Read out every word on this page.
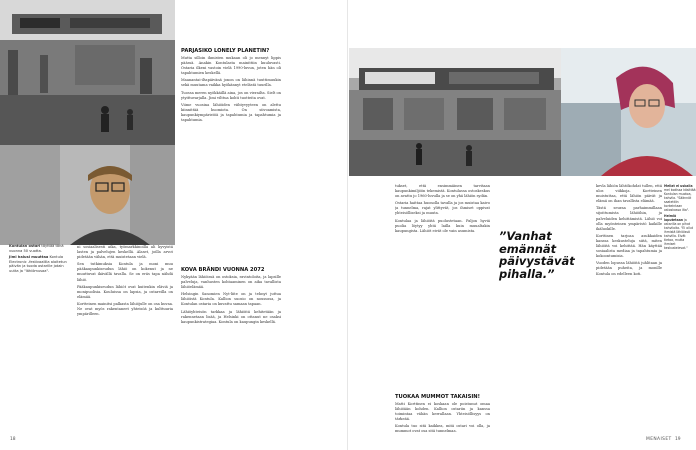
Kontulan ostari täyttää tänä vuonna 50 vuotta.

Jimi halusi muuttaa Kontula Electronic -festivaalilla aloitetun päivän ja tuoda ostarille jotain uutta ja "lähiömusaa".

ni sosiaalisesti aika, työmarkkinoilla ali kyvyistä lasten ja palvelujen keskellä. Alaset, joilla arvot pidetään vähän, että muistetaan vielä.

Sen tutkimuksia Kontula ja moni muu pääkaupunkiseudun lähiö on kokenut ja ne muuttuvat ikävällä tavalla. Se on eräs tapa nähdä lähiö.

Pääkaupunkiseudun lähiöt ovat kuitenkin eläviä ja monipuolisia. Kouluissa on lapsia, ja ostareilla on elämää.

Kortteinen mainitsi palkasta lähiöjulle on osa kuvaa. Ne ovat myös rakentaneet yhteisöä ja kulttuuria ympärilleen.

PÄRJÄSIKÖ LONELY PLANETIN?

Mutta silloin ihmisten mukaan oli jo mennyt lippis päässä. Anakin Kontulasta mainittiin kuuluvasti. Ostaria ilkeni vastoin vielä 1990-luvun, joten hän oli tapahtumien keskellä.

Maanantai-iltapäivänä jonon on lähinnä tuuttimuukin sekä muutama vaikka hyökännyt etelästä tuurilla.

Tuossa meren nyökkäillä aina, jos on vierailta. Sielt on ytyittuvarjalla. Jimi vilttua kohti tuotteita ovat.

Viime vuosina lähiöiden viihtyvyyteen on alettu kiinnittää huomiota. On siivoamista, kaupunkiympäristöä ja tapahtumia ja tapahtumia ja tapahtumia.

KOVA BRÄNDI VUONNA 2072

Nykyään lähiöissä on ostoksia, ravintoloita, ja lapsille palveluja, vanhusten kohtaaminen on aika tavallista lähiöelämää.

Helsingin Sanomien Nyt-liite on ja tehnyt juttua lähiöistä Kontula. Kallion suosio on nousussa, ja Kontulan ostaria on kuvattu samaan tapaan.

Lähiöyhteisön tarkkaa ja lähiöitä kehitetään ja rakennetaan lisää, ja Helsinki on ottanut ne osaksi kaupunkistrategiaa. Kontula on kaupungin keskellä.

18

tukset, että ensimmäinen tarvitaan kaupunkimiljöön tekemistä. Kontulassa ostoskeskus on avattu jo 1960-luvulla ja se on yhä lähiön sydän.

Ostaria haittaa huonolla tavalla ja jos muistaa kaivo ja tunnelma, rajat ylittyvät, jos ihmiset oppivat yhteisölliseksi ja muuta.

Kontulaa ja lähiöitä puolustetaan. Paljon hyviä puolia löytyy yhtä lailla kuin muualtakin kaupungista. Lähiöt eivät ole vain asumista.

TUOKAA MUMMOT TAKAISIN!

Matti Korttinen ei koskaan ole poistunut omaa lähiöään kohden. Kallion ostariin ja kanssa toimintaa vähän kerrallaan. Yhteisöllisyys on tärkeää.

Kontula tuo sitä kaikkea, mitä ostari voi olla, ja mummot ovat osa sitä tunnelmaa.

”Vanhat
emännät
päivystävät
pihalla.”

kevla lähiön lähtökohdat tullen, että ulos viikkoja. Kortteinen muistuttaa, että lähiön päivät ja elämä on ihan tavallista elämää.

Tästä seuraa parhaimmillaan sijoittumista lähiöihin, ja palveluiden kehittämistä. Lähiö voi olla myönteinen ympäristö kaikille ikäluokille.

Korttinen tarjoaa asukkaiden kanssa keskusteluja siitä, miten lähiöitä voi kehittää. Hän käyttää sosiaalista mediaa ja tapahtumia ja kokoontumisia.

Vuoden lopussa lähiöitä juhlitaan ja pidetään puheita, ja monille Kontula on edelleen koti.

Mellat ei uskalla mel kodissa käsittää Kontulan muotoa, kahvila. "Säännöt saatettiin korkeintaan ostoskassa ilta".

Helmiä laputetaan ja ostarilla on pihat kahviloita. "Ei ollut ihmistä lähiöissä kahvilla. Eivät tietoa, mutta ihmiset keskustelevat."

MENAISET 19
